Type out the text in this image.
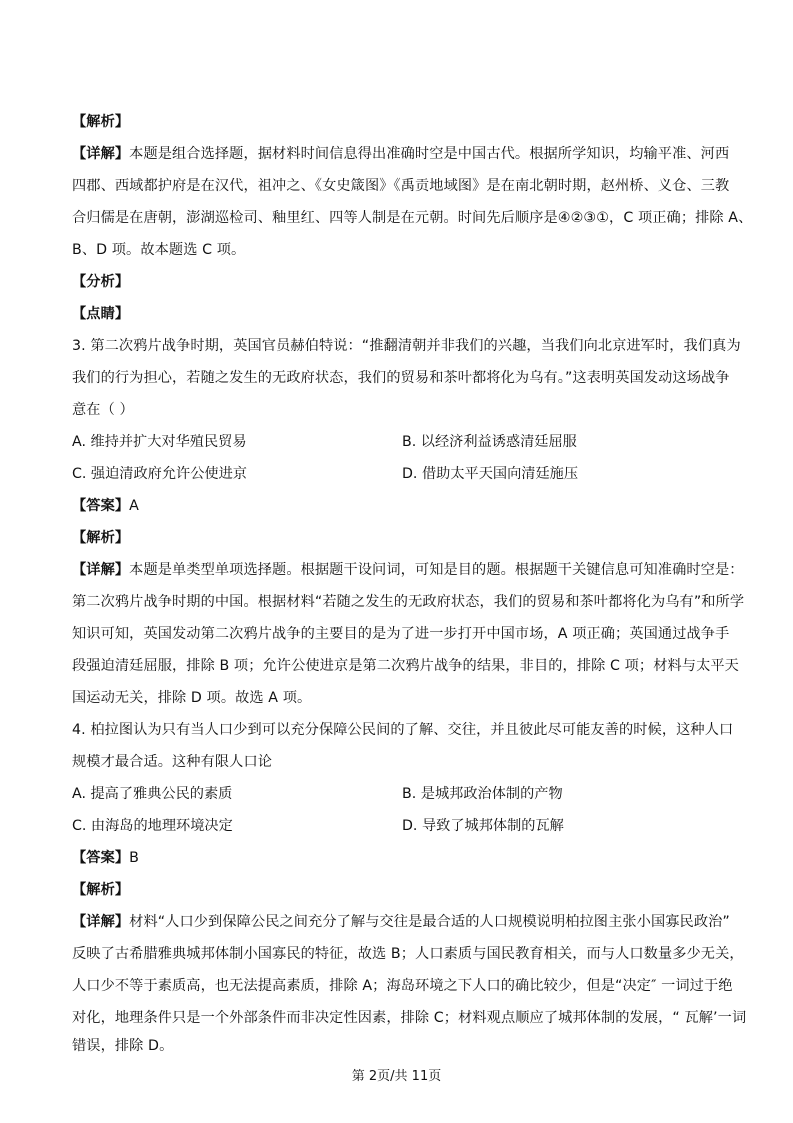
【解析】
【详解】本题是组合选择题，据材料时间信息得出准确时空是中国古代。根据所学知识，均输平准、河西
四郡、西域都护府是在汉代，祖冲之、《女史箴图》《禹贡地域图》是在南北朝时期，赵州桥、义仓、三教
合归儒是在唐朝，澎湖巡检司、釉里红、四等人制是在元朝。时间先后顺序是④②③①，C 项正确；排除 A、
B、D 项。故本题选 C 项。
【分析】
【点睛】
3. 第二次鸦片战争时期，英国官员赫伯特说：“推翻清朝并非我们的兴趣，当我们向北京进军时，我们真为
我们的行为担心，若随之发生的无政府状态，我们的贸易和茶叶都将化为乌有。”这表明英国发动这场战争
意在（ ）
A. 维持并扩大对华殖民贸易	B. 以经济利益诱惑清廷屈服
C. 强迫清政府允许公使进京	D. 借助太平天国向清廷施压
【答案】A
【解析】
【详解】本题是单类型单项选择题。根据题干设问词，可知是目的题。根据题干关键信息可知准确时空是：
第二次鸦片战争时期的中国。根据材料“若随之发生的无政府状态，我们的贸易和茶叶都将化为乌有”和所学
知识可知，英国发动第二次鸦片战争的主要目的是为了进一步打开中国市场，A 项正确；英国通过战争手
段强迫清廷屈服，排除 B 项；允许公使进京是第二次鸦片战争的结果，非目的，排除 C 项；材料与太平天
国运动无关，排除 D 项。故选 A 项。
4. 柏拉图认为只有当人口少到可以充分保障公民间的了解、交往，并且彼此尽可能友善的时候，这种人口
规模才最合适。这种有限人口论
A. 提高了雅典公民的素质	B. 是城邦政治体制的产物
C. 由海岛的地理环境决定	D. 导致了城邦体制的瓦解
【答案】B
【解析】
【详解】材料“人口少到保障公民之间充分了解与交往是最合适的人口规模说明柏拉图主张小国寡民政治”
反映了古希腊雅典城邦体制小国寡民的特征，故选 B；人口素质与国民教育相关，而与人口数量多少无关，
人口少不等于素质高，也无法提高素质，排除 A；海岛环境之下人口的确比较少，但是“决定″ 一词过于绝
对化，地理条件只是一个外部条件而非决定性因素，排除 C；材料观点顺应了城邦体制的发展，“ 瓦解’一词
错误，排除 D。
第 2页/共 11页
